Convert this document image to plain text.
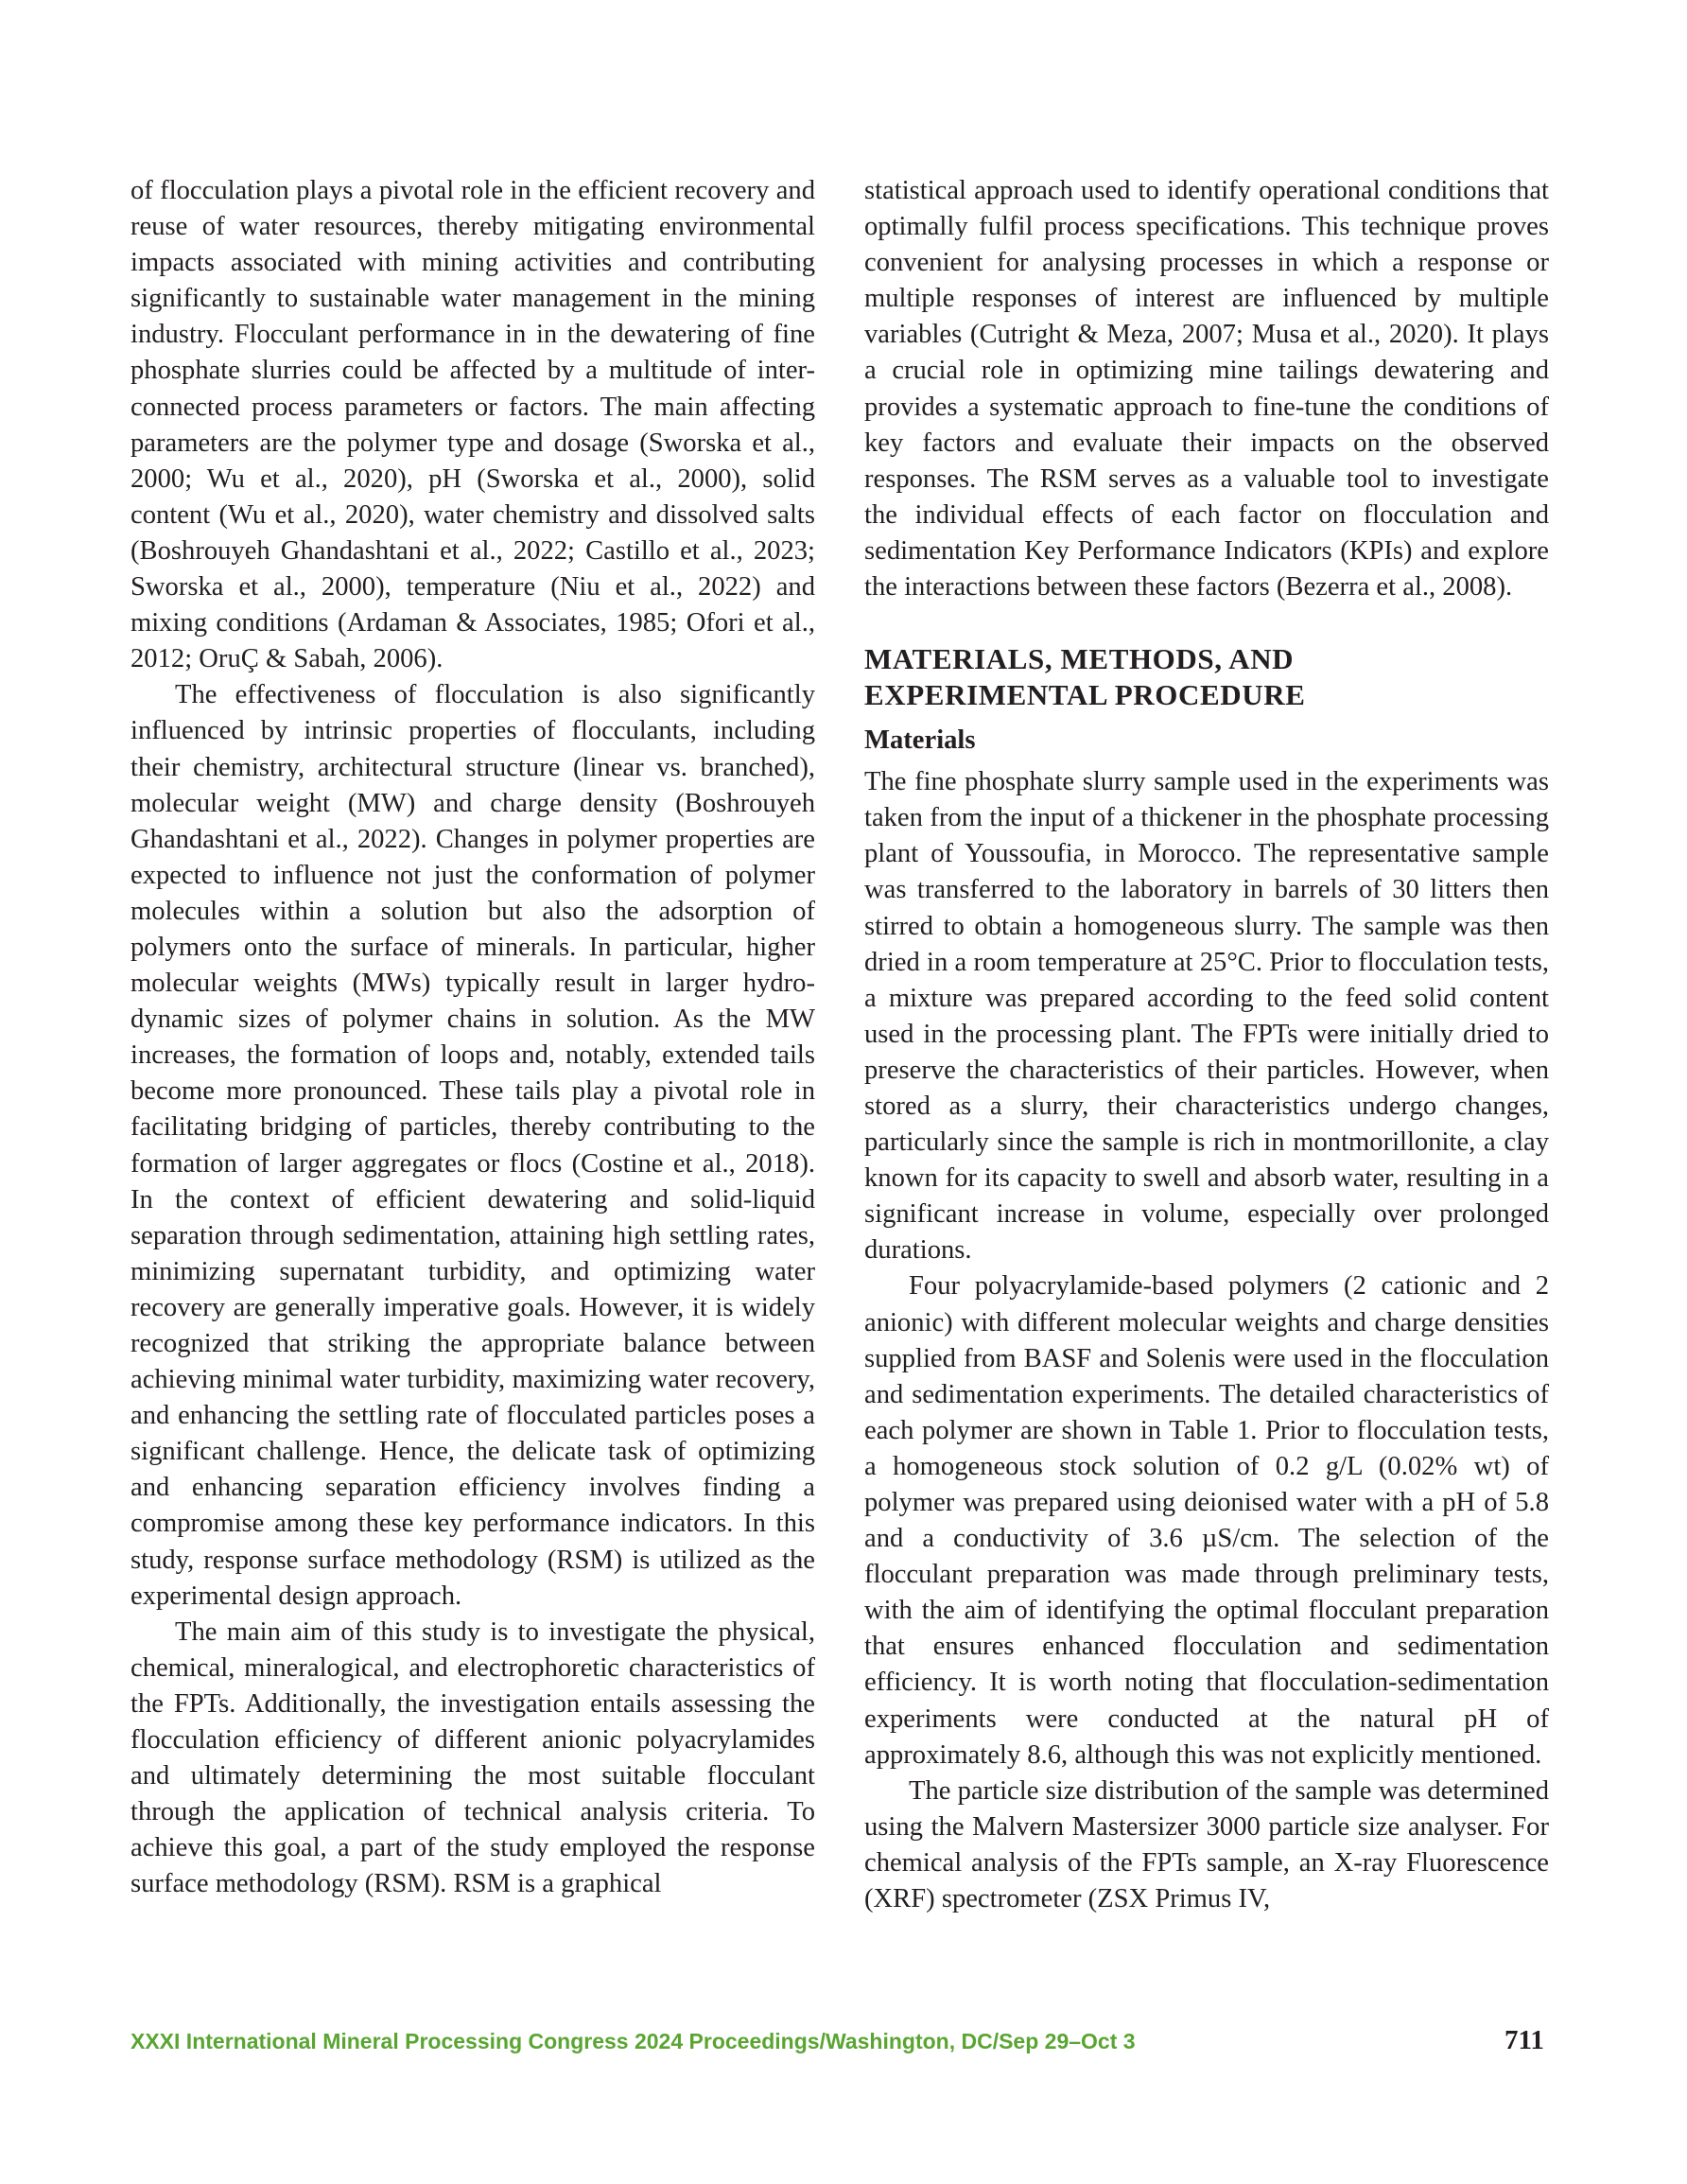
of flocculation plays a pivotal role in the efficient recovery and reuse of water resources, thereby mitigating environmental impacts associated with mining activities and contributing significantly to sustainable water management in the mining industry. Flocculant performance in in the dewatering of fine phosphate slurries could be affected by a multitude of inter-connected process parameters or factors. The main affecting parameters are the polymer type and dosage (Sworska et al., 2000; Wu et al., 2020), pH (Sworska et al., 2000), solid content (Wu et al., 2020), water chemistry and dissolved salts (Boshrouyeh Ghandashtani et al., 2022; Castillo et al., 2023; Sworska et al., 2000), temperature (Niu et al., 2022) and mixing conditions (Ardaman & Associates, 1985; Ofori et al., 2012; OruÇ & Sabah, 2006).

The effectiveness of flocculation is also significantly influenced by intrinsic properties of flocculants, including their chemistry, architectural structure (linear vs. branched), molecular weight (MW) and charge density (Boshrouyeh Ghandashtani et al., 2022). Changes in polymer properties are expected to influence not just the conformation of polymer molecules within a solution but also the adsorption of polymers onto the surface of minerals. In particular, higher molecular weights (MWs) typically result in larger hydrodynamic sizes of polymer chains in solution. As the MW increases, the formation of loops and, notably, extended tails become more pronounced. These tails play a pivotal role in facilitating bridging of particles, thereby contributing to the formation of larger aggregates or flocs (Costine et al., 2018). In the context of efficient dewatering and solid-liquid separation through sedimentation, attaining high settling rates, minimizing supernatant turbidity, and optimizing water recovery are generally imperative goals. However, it is widely recognized that striking the appropriate balance between achieving minimal water turbidity, maximizing water recovery, and enhancing the settling rate of flocculated particles poses a significant challenge. Hence, the delicate task of optimizing and enhancing separation efficiency involves finding a compromise among these key performance indicators. In this study, response surface methodology (RSM) is utilized as the experimental design approach.

The main aim of this study is to investigate the physical, chemical, mineralogical, and electrophoretic characteristics of the FPTs. Additionally, the investigation entails assessing the flocculation efficiency of different anionic polyacrylamides and ultimately determining the most suitable flocculant through the application of technical analysis criteria. To achieve this goal, a part of the study employed the response surface methodology (RSM). RSM is a graphical

statistical approach used to identify operational conditions that optimally fulfil process specifications. This technique proves convenient for analysing processes in which a response or multiple responses of interest are influenced by multiple variables (Cutright & Meza, 2007; Musa et al., 2020). It plays a crucial role in optimizing mine tailings dewatering and provides a systematic approach to fine-tune the conditions of key factors and evaluate their impacts on the observed responses. The RSM serves as a valuable tool to investigate the individual effects of each factor on flocculation and sedimentation Key Performance Indicators (KPIs) and explore the interactions between these factors (Bezerra et al., 2008).

MATERIALS, METHODS, AND
EXPERIMENTAL PROCEDURE
Materials

The fine phosphate slurry sample used in the experiments was taken from the input of a thickener in the phosphate processing plant of Youssoufia, in Morocco. The representative sample was transferred to the laboratory in barrels of 30 litters then stirred to obtain a homogeneous slurry. The sample was then dried in a room temperature at 25°C. Prior to flocculation tests, a mixture was prepared according to the feed solid content used in the processing plant. The FPTs were initially dried to preserve the characteristics of their particles. However, when stored as a slurry, their characteristics undergo changes, particularly since the sample is rich in montmorillonite, a clay known for its capacity to swell and absorb water, resulting in a significant increase in volume, especially over prolonged durations.

Four polyacrylamide-based polymers (2 cationic and 2 anionic) with different molecular weights and charge densities supplied from BASF and Solenis were used in the flocculation and sedimentation experiments. The detailed characteristics of each polymer are shown in Table 1. Prior to flocculation tests, a homogeneous stock solution of 0.2 g/L (0.02% wt) of polymer was prepared using deionised water with a pH of 5.8 and a conductivity of 3.6 µS/​cm. The selection of the flocculant preparation was made through preliminary tests, with the aim of identifying the optimal flocculant preparation that ensures enhanced flocculation and sedimentation efficiency. It is worth noting that flocculation-sedimentation experiments were conducted at the natural pH of approximately 8.6, although this was not explicitly mentioned.

The particle size distribution of the sample was determined using the Malvern Mastersizer 3000 particle size analyser. For chemical analysis of the FPTs sample, an X-ray Fluorescence (XRF) spectrometer (ZSX Primus IV,

XXXI International Mineral Processing Congress 2024 Proceedings/Washington, DC/Sep 29–Oct 3	711
